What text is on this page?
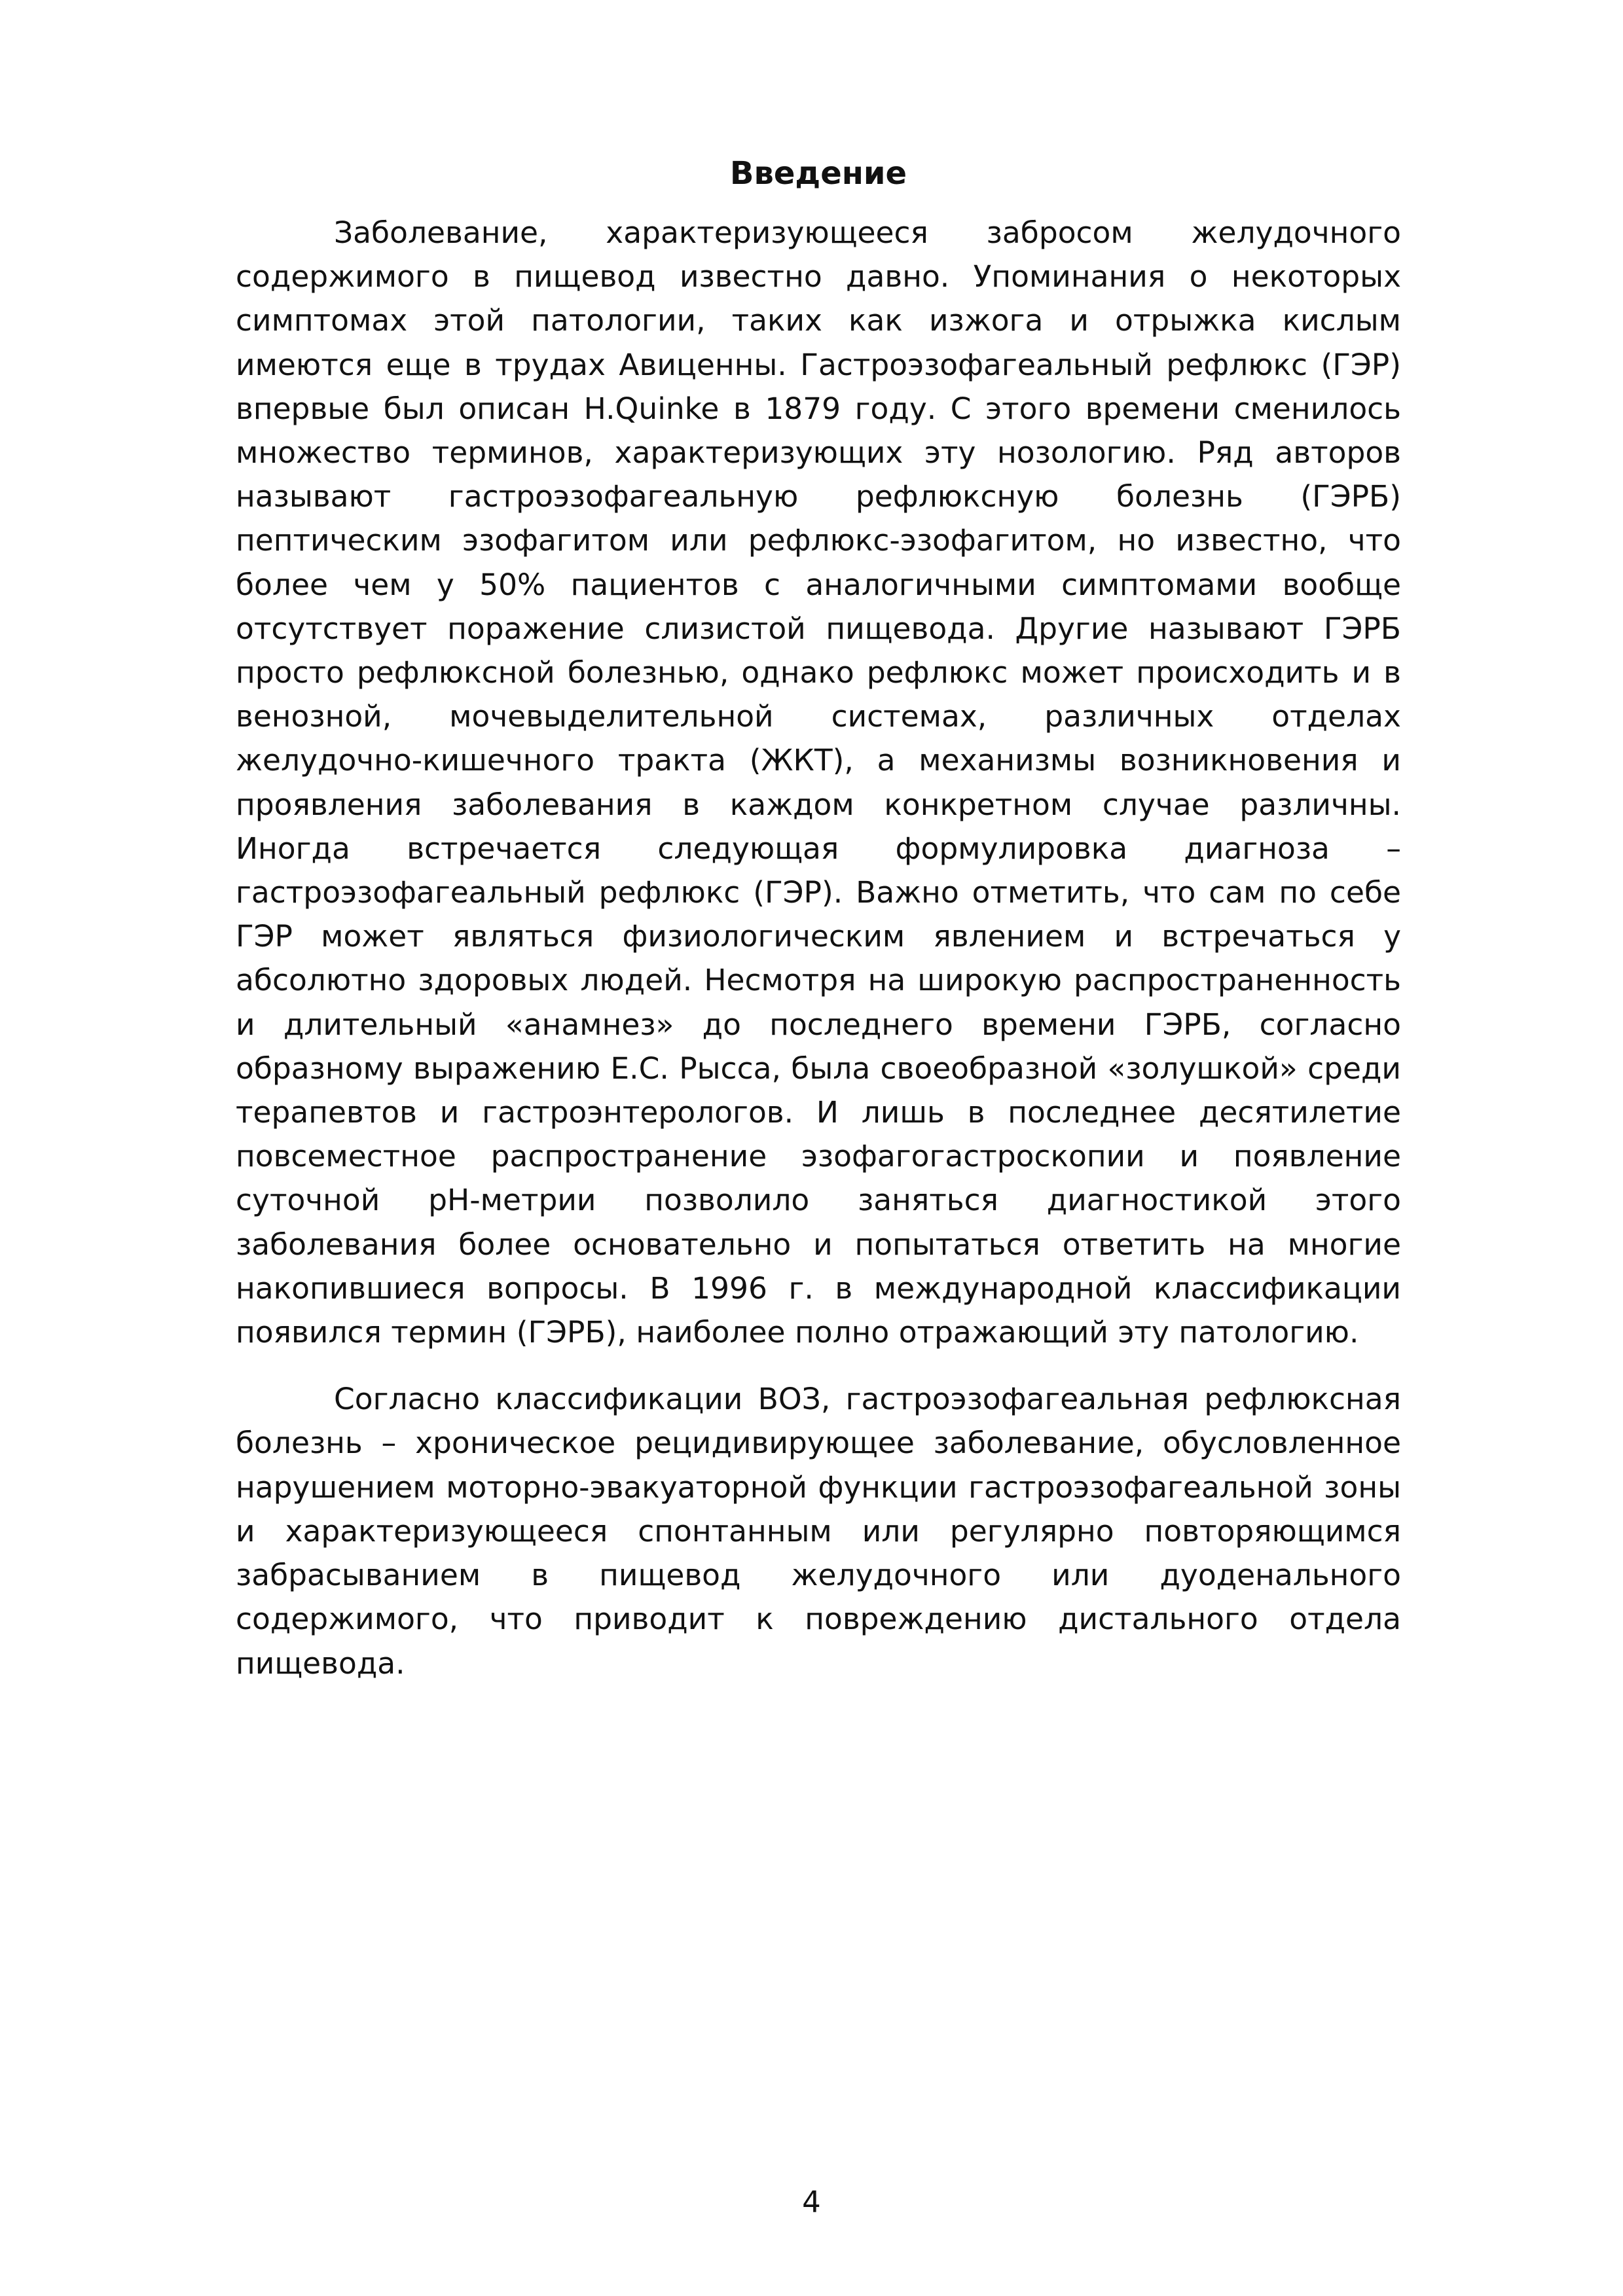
Введение

Заболевание, характеризующееся забросом желудочного содержимого в пищевод известно давно. Упоминания о некоторых симптомах этой патологии, таких как изжога и отрыжка кислым имеются еще в трудах Авиценны. Гастроэзофагеальный рефлюкс (ГЭР) впервые был описан H.Quinke в 1879 году. С этого времени сменилось множество терминов, характеризующих эту нозологию. Ряд авторов называют гастроэзофагеальную рефлюксную болезнь (ГЭРБ) пептическим эзофагитом или рефлюкс-эзофагитом, но известно, что более чем у 50% пациентов с аналогичными симптомами вообще отсутствует поражение слизистой пищевода. Другие называют ГЭРБ просто рефлюксной болезнью, однако рефлюкс может происходить и в венозной, мочевыделительной системах, различных отделах желудочно-кишечного тракта (ЖКТ), а механизмы возникновения и проявления заболевания в каждом конкретном случае различны. Иногда встречается следующая формулировка диагноза – гастроэзофагеальный рефлюкс (ГЭР). Важно отметить, что сам по себе ГЭР может являться физиологическим явлением и встречаться у абсолютно здоровых людей. Несмотря на широкую распространенность и длительный «анамнез» до последнего времени ГЭРБ, согласно образному выражению Е.С. Рысса, была своеобразной «золушкой» среди терапевтов и гастроэнтерологов. И лишь в последнее десятилетие повсеместное распространение эзофагогастроскопии и появление суточной pH-метрии позволило заняться диагностикой этого заболевания более основательно и попытаться ответить на многие накопившиеся вопросы. В 1996 г. в международной классификации появился термин (ГЭРБ), наиболее полно отражающий эту патологию.

Согласно классификации ВОЗ, гастроэзофагеальная рефлюксная болезнь – хроническое рецидивирующее заболевание, обусловленное нарушением моторно-эвакуаторной функции гастроэзофагеальной зоны и характеризующееся спонтанным или регулярно повторяющимся забрасыванием в пищевод желудочного или дуоденального содержимого, что приводит к повреждению дистального отдела пищевода.

4
